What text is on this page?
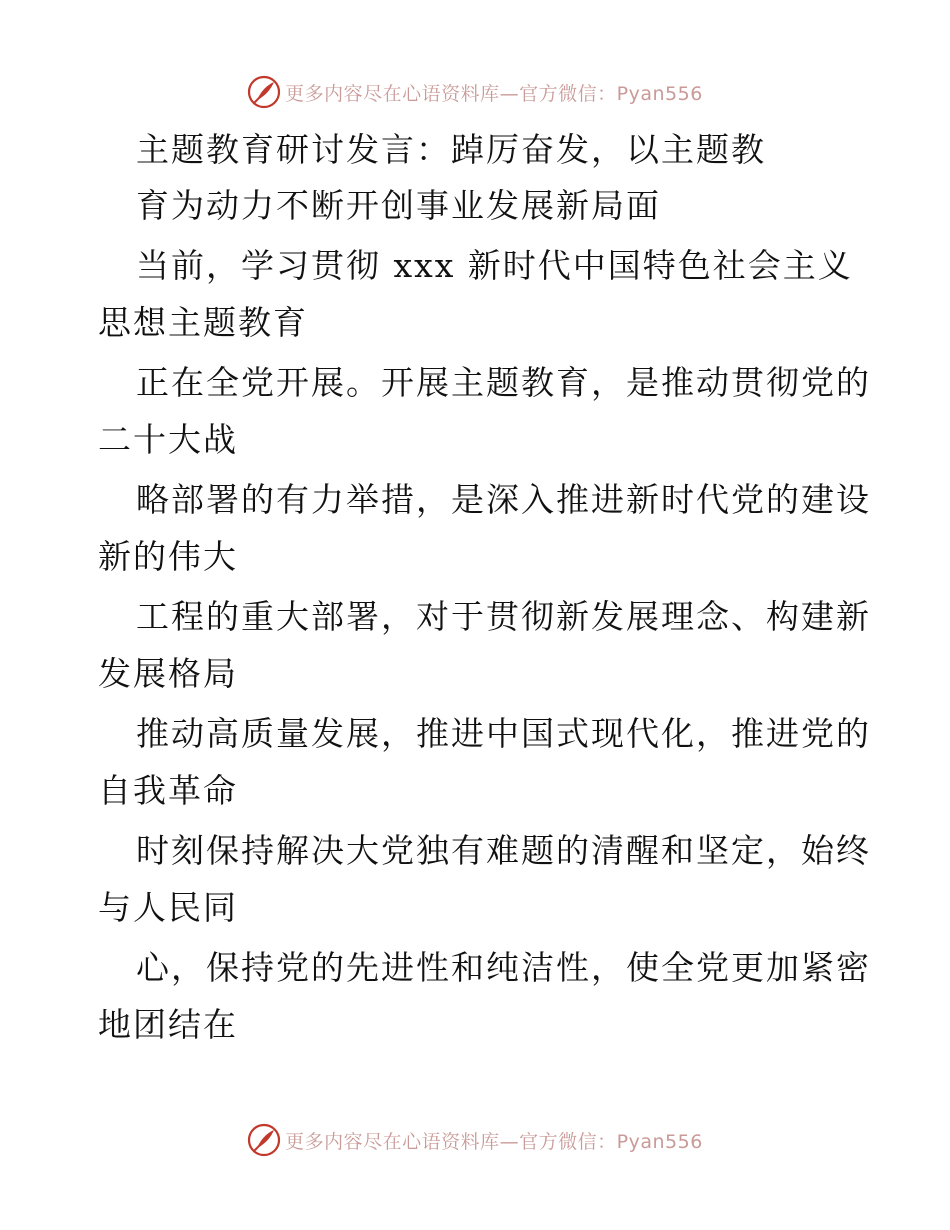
更多内容尽在心语资料库—官方微信：Pyan556
主题教育研讨发言：踔厉奋发，以主题教
育为动力不断开创事业发展新局面
当前，学习贯彻 xxx 新时代中国特色社会主义
思想主题教育
正在全党开展。开展主题教育，是推动贯彻党的
二十大战
略部署的有力举措，是深入推进新时代党的建设
新的伟大
工程的重大部署，对于贯彻新发展理念、构建新
发展格局
推动高质量发展，推进中国式现代化，推进党的
自我革命
时刻保持解决大党独有难题的清醒和坚定，始终
与人民同
心，保持党的先进性和纯洁性，使全党更加紧密
地团结在
更多内容尽在心语资料库—官方微信：Pyan556
